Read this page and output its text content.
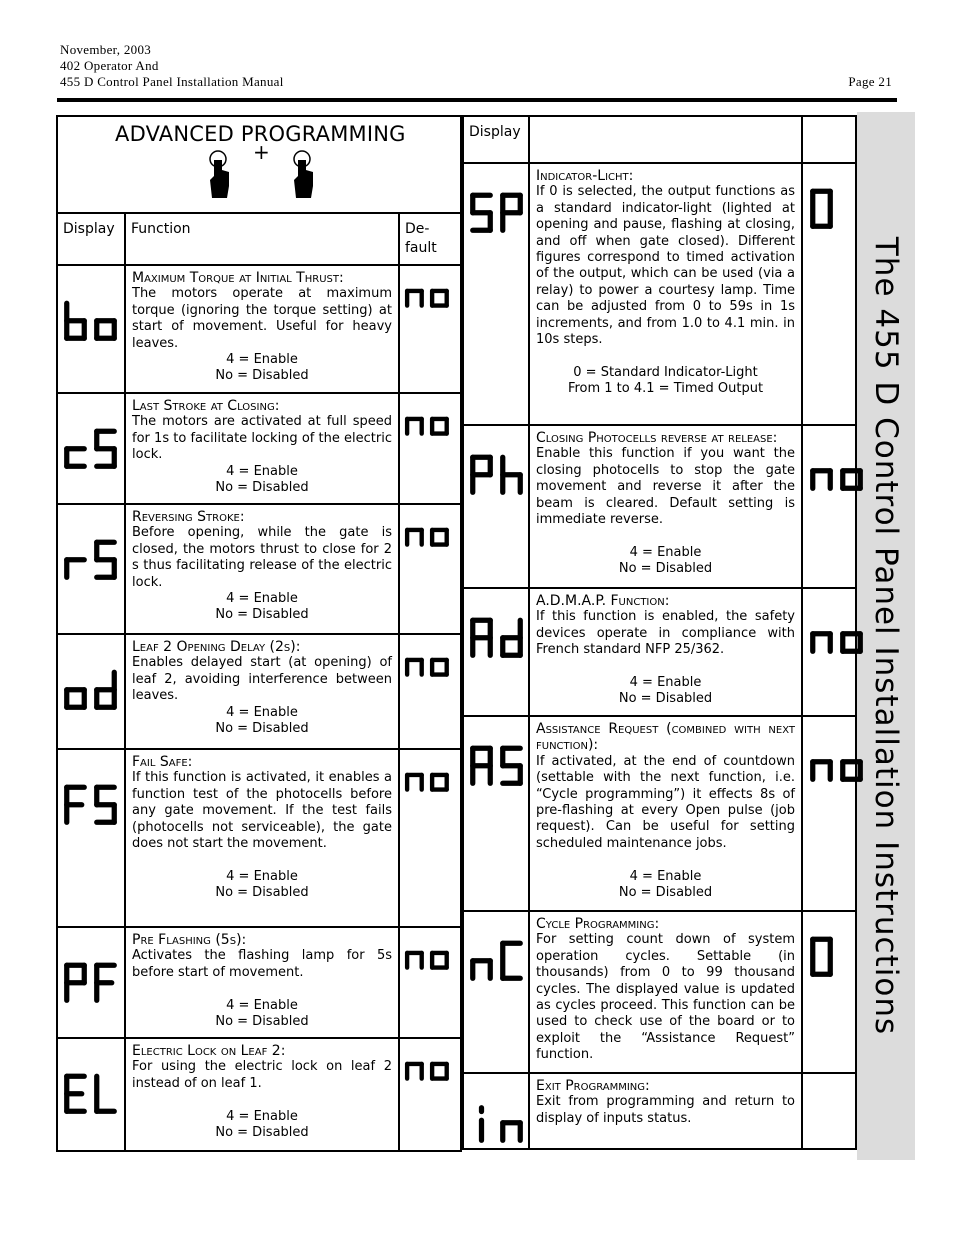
November, 2003
402 Operator And
455 D Control Panel Installation Manual	Page 21
The 455 D Control Panel Installation Instructions
ADVANCED PROGRAMMING
+		

Display	Function	De-
fault

Maximum Torque at Initial Thrust:
The motors operate at maximum torque (ignoring the torque setting) at start of movement. Useful for heavy leaves.
4 = Enable
No = Disabled

Last Stroke at Closing:
The motors are activated at full speed for 1s to facilitate locking of the electric lock.
4 = Enable
No = Disabled

Reversing Stroke:
Before opening, while the gate is closed, the motors thrust to close for 2 s thus facilitating release of the electric lock.
4 = Enable
No = Disabled

Leaf 2 Opening Delay (2s):
Enables delayed start (at opening) of leaf 2, avoiding interference between leaves.
4 = Enable
No = Disabled

Fail Safe:
If this function is activated, it enables a function test of the photocells before any gate movement. If the test fails (photocells not serviceable), the gate does not start the movement.

4 = Enable
No = Disabled

Pre Flashing (5s):
Activates the flashing lamp for 5s before start of movement.

4 = Enable
No = Disabled

Electric Lock on Leaf 2:
For using the electric lock on leaf 2 instead of on leaf 1.

4 = Enable
No = Disabled

Display		

Indicator-Licht:
If 0 is selected, the output functions as a standard indicator-light (lighted at opening and pause, flashing at closing, and off when gate closed). Different figures correspond to timed activation of the output, which can be used (via a relay) to power a courtesy lamp. Time can be adjusted from 0 to 59s in 1s increments, and from 1.0 to 4.1 min. in 10s steps.

0 = Standard Indicator-Light
From 1 to 4.1 = Timed Output

Closing Photocells reverse at release:
Enable this function if you want the closing photocells to stop the gate movement and reverse it after the beam is cleared. Default setting is immediate reverse.

4 = Enable
No = Disabled

A.D.M.A.P. Function:
If this function is enabled, the safety devices operate in compliance with French standard NFP 25/362.

4 = Enable
No = Disabled

Assistance Request (combined with next function):
If activated, at the end of countdown (settable with the next function, i.e. “Cycle programming”) it effects 8s of pre-flashing at every Open pulse (job request). Can be useful for setting scheduled maintenance jobs.

4 = Enable
No = Disabled

Cycle Programming:
For setting count down of system operation cycles. Settable (in thousands) from 0 to 99 thousand cycles. The displayed value is updated as cycles proceed. This function can be used to check use of the board or to exploit the “Assistance Request” function.

Exit Programming:
Exit from programming and return to display of inputs status.	
